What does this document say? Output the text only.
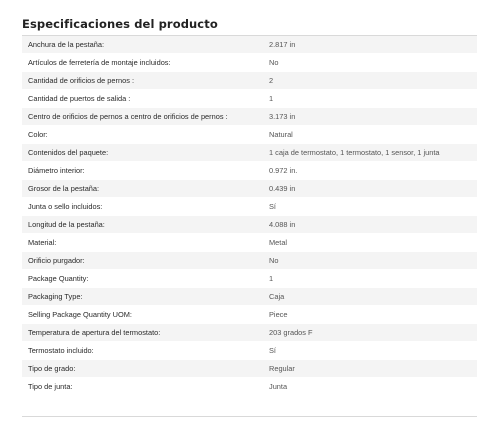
Especificaciones del producto
Anchura de la pestaña:	2.817 in
Artículos de ferretería de montaje incluidos:	No
Cantidad de orificios de pernos :	2
Cantidad de puertos de salida :	1
Centro de orificios de pernos a centro de orificios de pernos :	3.173 in
Color:	Natural
Contenidos del paquete:	1 caja de termostato, 1 termostato, 1 sensor, 1 junta
Diámetro interior:	0.972 in.
Grosor de la pestaña:	0.439 in
Junta o sello incluidos:	Sí
Longitud de la pestaña:	4.088 in
Material:	Metal
Orificio purgador:	No
Package Quantity:	1
Packaging Type:	Caja
Selling Package Quantity UOM:	Piece
Temperatura de apertura del termostato:	203 grados F
Termostato incluido:	Sí
Tipo de grado:	Regular
Tipo de junta:	Junta
